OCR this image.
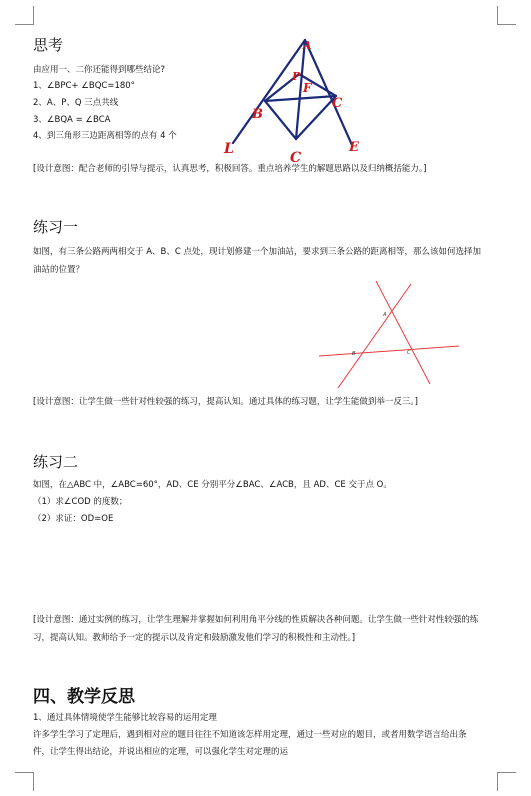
思考

由应用一、二你还能得到哪些结论?

1、∠BPC+ ∠BQC=180°

2、A、P、Q 三点共线

3、∠BQA = ∠BCA

4、到三角形三边距离相等的点有 4 个

A
P
F
B
C
L	E
C

[设计意图：配合老师的引导与提示，认真思考，积极回答。重点培养学生的解题思路以及归纳概括能力。]

练习一

如图，有三条公路两两相交于 A、B、C 点处，现计划修建一个加油站，要求到三条公路的距离相等，那么该如何选择加油站的位置？

A
B	C

[设计意图：让学生做一些针对性较强的练习，提高认知。通过具体的练习题，让学生能做到举一反三。]

练习二

如图，在△ABC 中，∠ABC=60°，AD、CE 分别平分∠BAC、∠ACB，且 AD、CE 交于点 O。

（1）求∠COD 的度数；

（2）求证：OD=OE

[设计意图：通过实例的练习，让学生理解并掌握如何利用角平分线的性质解决各种问题。让学生做一些针对性较强的练习，提高认知。教师给予一定的提示以及肯定和鼓励激发他们学习的积极性和主动性。]

四、教学反思

1、通过具体情境使学生能够比较容易的运用定理

许多学生学习了定理后，遇到相对应的题目往往不知道该怎样用定理，通过一些对应的题目，或者用数学语言给出条件，让学生得出结论，并说出相应的定理，可以强化学生对定理的运
